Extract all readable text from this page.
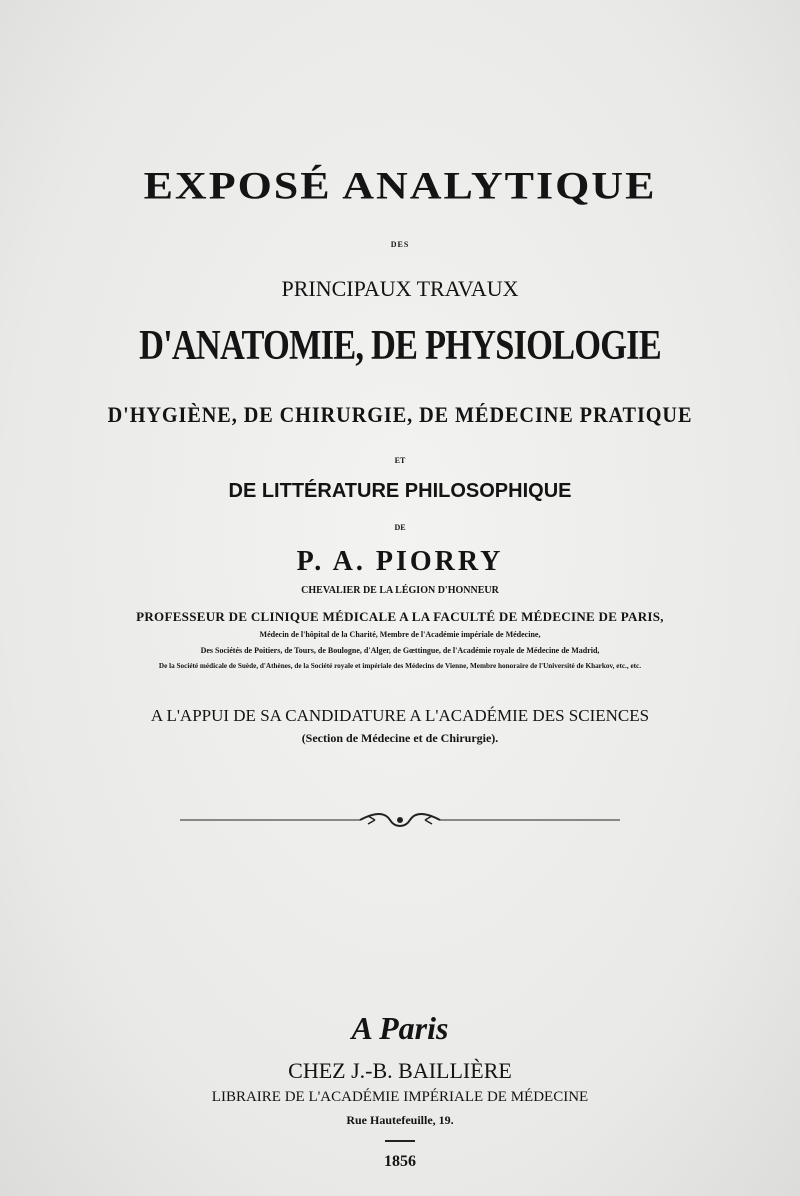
EXPOSÉ ANALYTIQUE
DES
PRINCIPAUX TRAVAUX
D'ANATOMIE, DE PHYSIOLOGIE
D'HYGIÈNE, DE CHIRURGIE, DE MÉDECINE PRATIQUE
ET
DE LITTÉRATURE PHILOSOPHIQUE
DE
P. A. PIORRY
CHEVALIER DE LA LÉGION D'HONNEUR
PROFESSEUR DE CLINIQUE MÉDICALE A LA FACULTÉ DE MÉDECINE DE PARIS,
Médecin de l'hôpital de la Charité, Membre de l'Académie impériale de Médecine,
Des Sociétés de Poitiers, de Tours, de Boulogne, d'Alger, de Gœttingue, de l'Académie royale de Médecine de Madrid,
De la Société médicale de Suède, d'Athènes, de la Société royale et impériale des Médecins de Vienne, Membre honoraire de l'Université de Kharkov, etc., etc.
A L'APPUI DE SA CANDIDATURE A L'ACADÉMIE DES SCIENCES
(Section de Médecine et de Chirurgie).
A Paris
CHEZ J.-B. BAILLIÈRE
LIBRAIRE DE L'ACADÉMIE IMPÉRIALE DE MÉDECINE
Rue Hautefeuille, 19.
1856
